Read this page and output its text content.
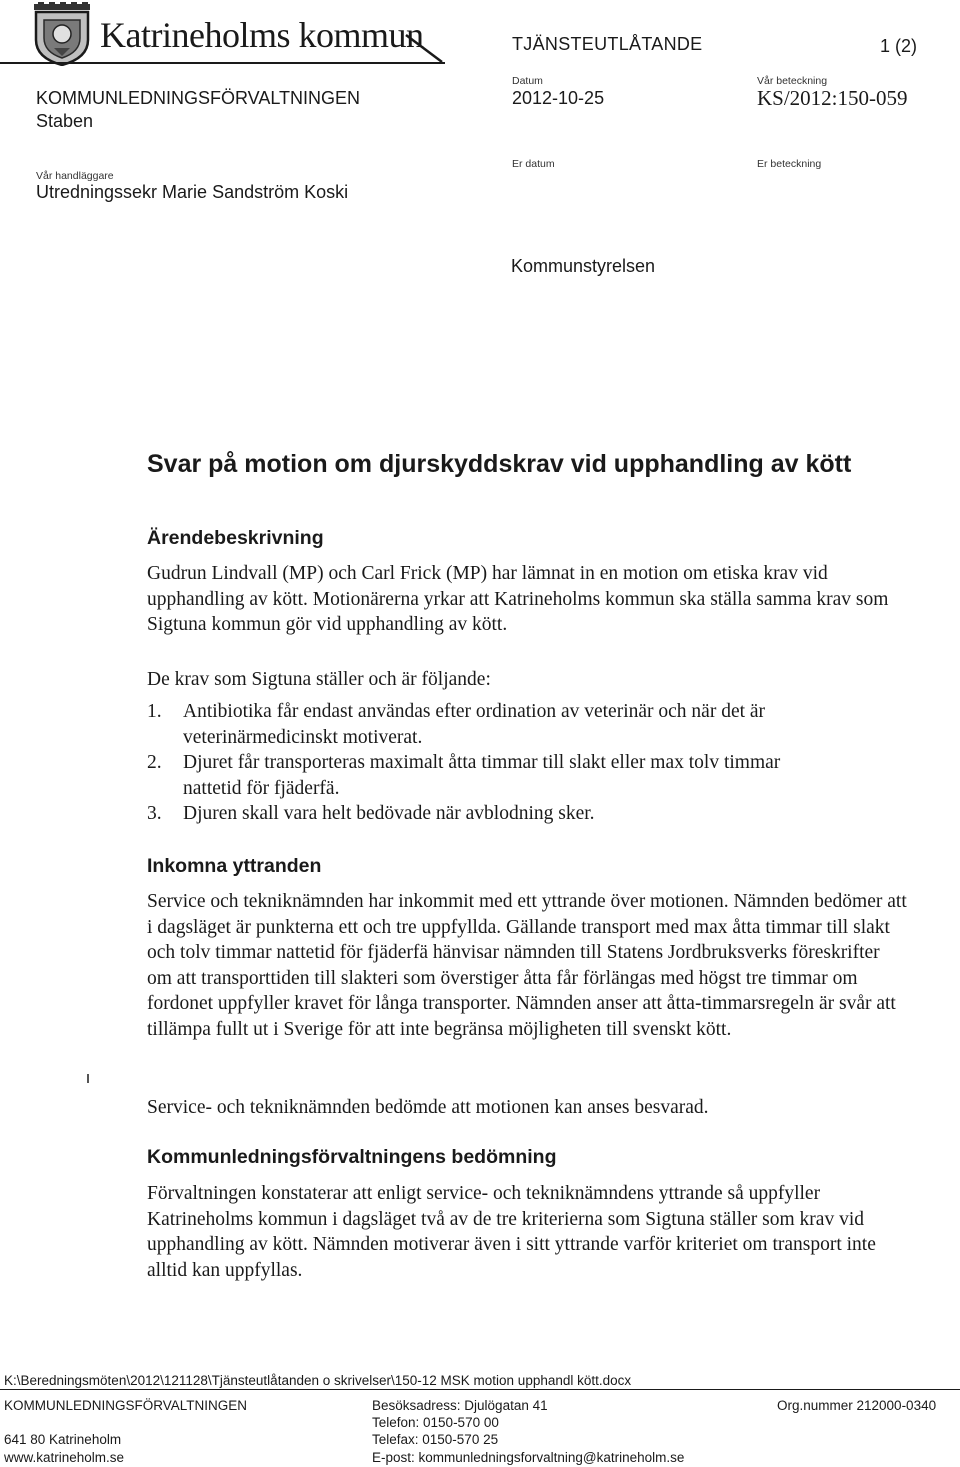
Katrineholms kommun	TJÄNSTEUTLÅTANDE	1 (2)
KOMMUNLEDNINGSFÖRVALTNINGEN
Staben
Datum
2012-10-25
Vår beteckning
KS/2012:150-059
Vår handläggare
Utredningssekr Marie Sandström Koski
Er datum	Er beteckning
Kommunstyrelsen
Svar på motion om djurskyddskrav vid upphandling av kött
Ärendebeskrivning
Gudrun Lindvall (MP) och Carl Frick (MP) har lämnat in en motion om etiska krav vid upphandling av kött. Motionärerna yrkar att Katrineholms kommun ska ställa samma krav som Sigtuna kommun gör vid upphandling av kött.
De krav som Sigtuna ställer och är följande:
1. Antibiotika får endast användas efter ordination av veterinär och när det är veterinärmedicinskt motiverat.
2. Djuret får transporteras maximalt åtta timmar till slakt eller max tolv timmar nattetid för fjäderfä.
3. Djuren skall vara helt bedövade när avblodning sker.
Inkomna yttranden
Service och tekniknämnden har inkommit med ett yttrande över motionen. Nämnden bedömer att i dagsläget är punkterna ett och tre uppfyllda. Gällande transport med max åtta timmar till slakt och tolv timmar nattetid för fjäderfä hänvisar nämnden till Statens Jordbruksverks föreskrifter om att transporttiden till slakteri som överstiger åtta får förlängas med högst tre timmar om fordonet uppfyller kravet för långa transporter. Nämnden anser att åtta-timmarsregeln är svår att tillämpa fullt ut i Sverige för att inte begränsa möjligheten till svenskt kött.
Service- och tekniknämnden bedömde att motionen kan anses besvarad.
Kommunledningsförvaltningens bedömning
Förvaltningen konstaterar att enligt service- och tekniknämndens yttrande så uppfyller Katrineholms kommun i dagsläget två av de tre kriterierna som Sigtuna ställer som krav vid upphandling av kött. Nämnden motiverar även i sitt yttrande varför kriteriet om transport inte alltid kan uppfyllas.
K:\Beredningsmöten\2012\121128\Tjänsteutlåtanden o skrivelser\150-12 MSK motion upphandl kött.docx
KOMMUNLEDNINGSFÖRVALTNINGEN
641 80 Katrineholm
www.katrineholm.se
Besöksadress: Djulögatan 41
Telefon: 0150-570 00
Telefax: 0150-570 25
E-post: kommunledningsforvaltning@katrineholm.se
Org.nummer 212000-0340
